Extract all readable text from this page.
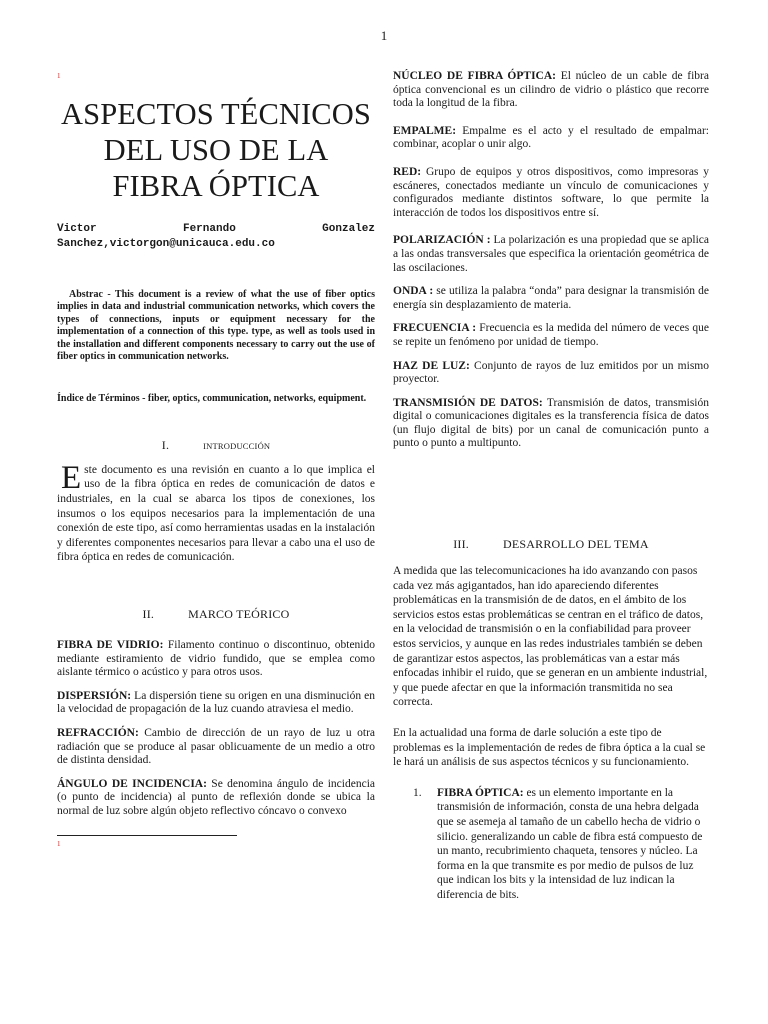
1
1
ASPECTOS TÉCNICOS DEL USO DE LA FIBRA ÓPTICA
Victor	Fernando	Gonzalez
Sanchez,victorgon@unicauca.edu.co
Abstrac - This document is a review of what the use of fiber optics implies in data and industrial communication networks, which covers the types of connections, inputs or equipment necessary for the implementation of a connection of this type. type, as well as tools used in the installation and different components necessary to carry out the use of fiber optics in communication networks.
Índice de Términos - fiber, optics, communication, networks, equipment.
I.	INTRODUCCIÓN
Este documento es una revisión en cuanto a lo que implica el uso de la fibra óptica en redes de comunicación de datos e industriales, en la cual se abarca los tipos de conexiones, los insumos o los equipos necesarios para la implementación de una conexión de este tipo, así como herramientas usadas en la instalación y diferentes componentes necesarios para llevar a cabo una el uso de fibra óptica en redes de comunicación.
II.	MARCO TEÓRICO

FIBRA DE VIDRIO: Filamento continuo o discontinuo, obtenido mediante estiramiento de vidrio fundido, que se emplea como aislante térmico o acústico y para otros usos.

DISPERSIÓN: La dispersión tiene su origen en una disminución en la velocidad de propagación de la luz cuando atraviesa el medio.

REFRACCIÓN: Cambio de dirección de un rayo de luz u otra radiación que se produce al pasar oblicuamente de un medio a otro de distinta densidad.

ÁNGULO DE INCIDENCIA: Se denomina ángulo de incidencia (o punto de incidencia) al punto de reflexión donde se ubica la normal de luz sobre algún objeto reflectivo cóncavo o convexo

1

NÚCLEO DE FIBRA ÓPTICA: El núcleo de un cable de fibra óptica convencional es un cilindro de vidrio o plástico que recorre toda la longitud de la fibra.

EMPALME: Empalme es el acto y el resultado de empalmar: combinar, acoplar o unir algo.

RED: Grupo de equipos y otros dispositivos, como impresoras y escáneres, conectados mediante un vínculo de comunicaciones y configurados mediante distintos software, lo que permite la interacción de todos los dispositivos entre sí.

POLARIZACIÓN : La polarización es una propiedad que se aplica a las ondas transversales que especifica la orientación geométrica de las oscilaciones.

ONDA : se utiliza la palabra “onda” para designar la transmisión de energía sin desplazamiento de materia.

FRECUENCIA : Frecuencia es la medida del número de veces que se repite un fenómeno por unidad de tiempo.

HAZ DE LUZ: Conjunto de rayos de luz emitidos por un mismo proyector.

TRANSMISIÓN DE DATOS: Transmisión de datos, transmisión digital o comunicaciones digitales es la transferencia física de datos (un flujo digital de bits) por un canal de comunicación punto a punto o punto a multipunto.

III.	DESARROLLO DEL TEMA

A medida que las telecomunicaciones ha ido avanzando con pasos cada vez más agigantados, han ido apareciendo diferentes problemáticas en la transmisión de de datos, en el ámbito de los servicios estos estas problemáticas se centran en el tráfico de datos, en la velocidad de transmisión o en la confiabilidad para proveer estos servicios, y aunque en las redes industriales también se deben de garantizar estos aspectos, las problemáticas van a estar más enfocadas inhibir el ruido, que se generan en un ambiente industrial, y que puede afectar en que la información transmitida no sea correcta.

En la actualidad una forma de darle solución a este tipo de problemas es la implementación de redes de fibra óptica a la cual se le hará un análisis de sus aspectos técnicos y su funcionamiento.

1.	FIBRA ÓPTICA: es un elemento importante en la transmisión de información, consta de una hebra delgada que se asemeja al tamaño de un cabello hecha de vidrio o silicio. generalizando un cable de fibra está compuesto de un manto, recubrimiento chaqueta, tensores y núcleo. La forma en la que transmite es por medio de pulsos de luz que indican los bits y la intensidad de luz indican la diferencia de bits.
